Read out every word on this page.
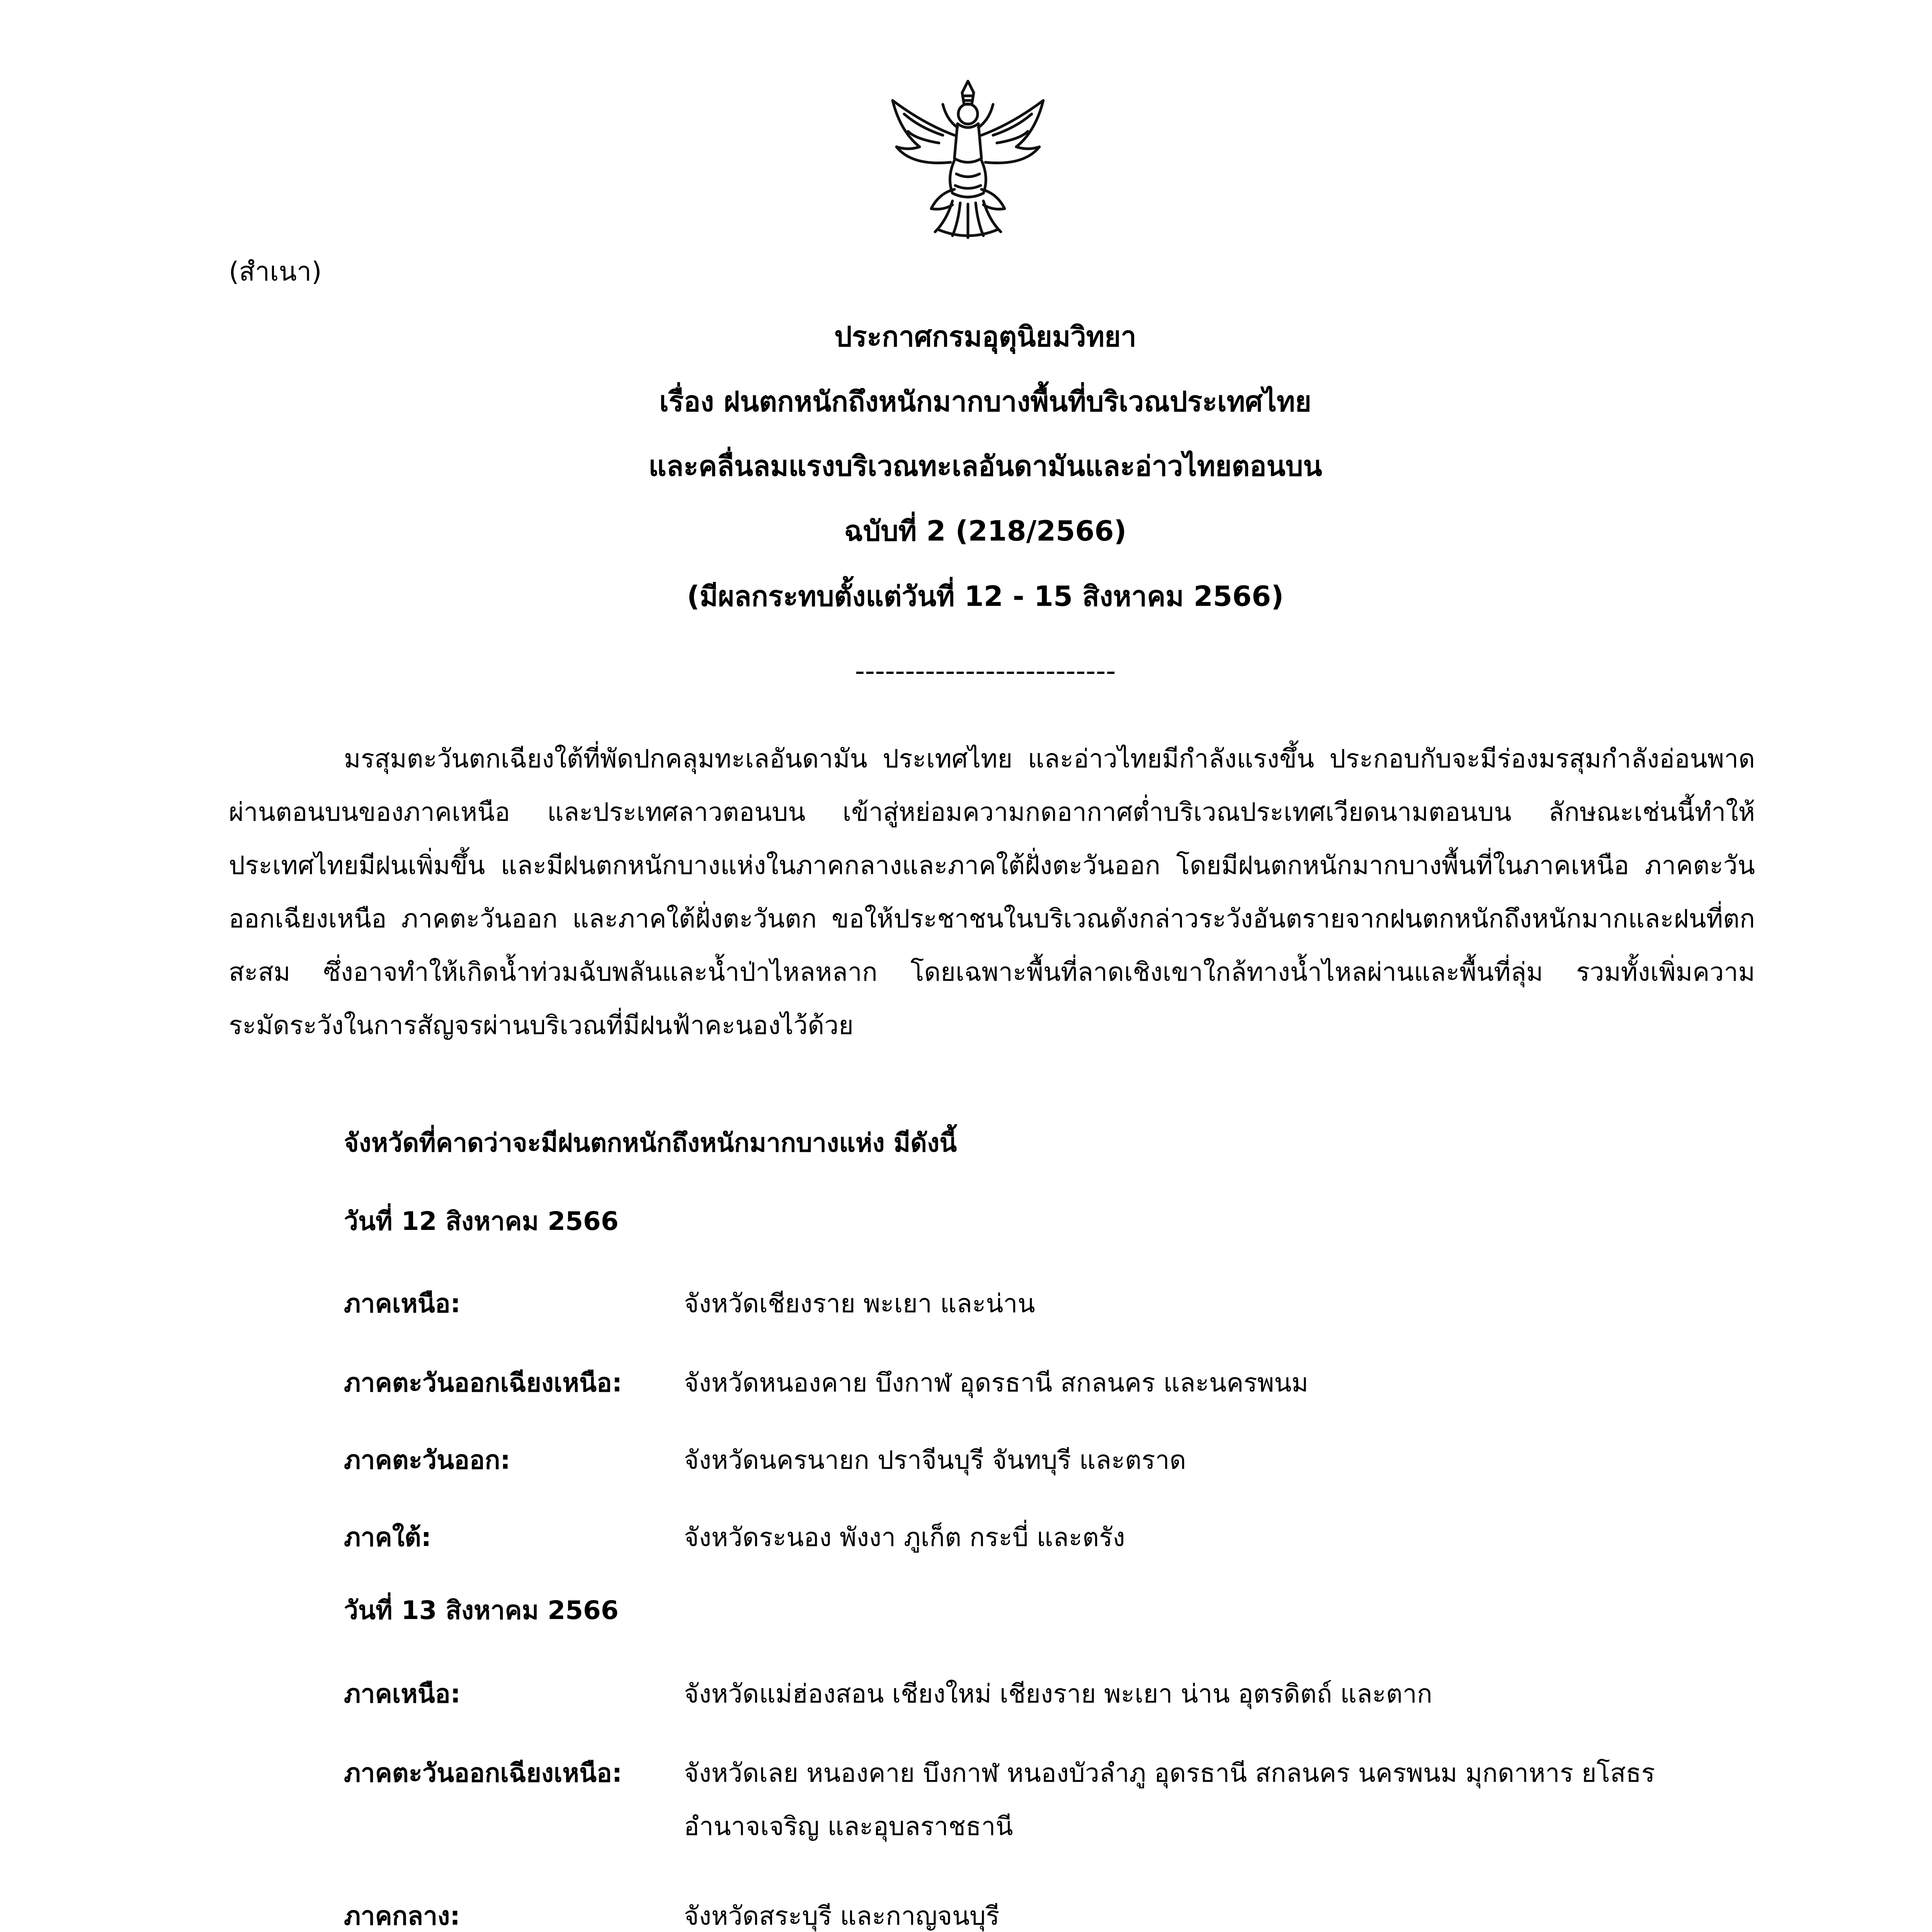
(สำเนา)
ประกาศกรมอุตุนิยมวิทยา
เรื่อง ฝนตกหนักถึงหนักมากบางพื้นที่บริเวณประเทศไทย
และคลื่นลมแรงบริเวณทะเลอันดามันและอ่าวไทยตอนบน
ฉบับที่ 2 (218/2566)
(มีผลกระทบตั้งแต่วันที่ 12 - 15 สิงหาคม 2566)
--------------------------

มรสุมตะวันตกเฉียงใต้ที่พัดปกคลุมทะเลอันดามัน ประเทศไทย และอ่าวไทยมีกำลังแรงขึ้น ประกอบกับจะมีร่องมรสุมกำลังอ่อนพาดผ่านตอนบนของภาคเหนือ และประเทศลาวตอนบน เข้าสู่หย่อมความกดอากาศต่ำบริเวณประเทศเวียดนามตอนบน ลักษณะเช่นนี้ทำให้ประเทศไทยมีฝนเพิ่มขึ้น และมีฝนตกหนักบางแห่งในภาคกลางและภาคใต้ฝั่งตะวันออก โดยมีฝนตกหนักมากบางพื้นที่ในภาคเหนือ ภาคตะวันออกเฉียงเหนือ ภาคตะวันออก และภาคใต้ฝั่งตะวันตก ขอให้ประชาชนในบริเวณดังกล่าวระวังอันตรายจากฝนตกหนักถึงหนักมากและฝนที่ตกสะสม ซึ่งอาจทำให้เกิดน้ำท่วมฉับพลันและน้ำป่าไหลหลาก โดยเฉพาะพื้นที่ลาดเชิงเขาใกล้ทางน้ำไหลผ่านและพื้นที่ลุ่ม รวมทั้งเพิ่มความระมัดระวังในการสัญจรผ่านบริเวณที่มีฝนฟ้าคะนองไว้ด้วย

จังหวัดที่คาดว่าจะมีฝนตกหนักถึงหนักมากบางแห่ง มีดังนี้
วันที่ 12 สิงหาคม 2566
ภาคเหนือ:	จังหวัดเชียงราย พะเยา และน่าน
ภาคตะวันออกเฉียงเหนือ:	จังหวัดหนองคาย บึงกาฬ อุดรธานี สกลนคร และนครพนม
ภาคตะวันออก:	จังหวัดนครนายก ปราจีนบุรี จันทบุรี และตราด
ภาคใต้:	จังหวัดระนอง พังงา ภูเก็ต กระบี่ และตรัง
วันที่ 13 สิงหาคม 2566
ภาคเหนือ:	จังหวัดแม่ฮ่องสอน เชียงใหม่ เชียงราย พะเยา น่าน อุตรดิตถ์ และตาก
ภาคตะวันออกเฉียงเหนือ:	จังหวัดเลย หนองคาย บึงกาฬ หนองบัวลำภู อุดรธานี สกลนคร นครพนม มุกดาหาร ยโสธร อำนาจเจริญ และอุบลราชธานี
ภาคกลาง:	จังหวัดสระบุรี และกาญจนบุรี
